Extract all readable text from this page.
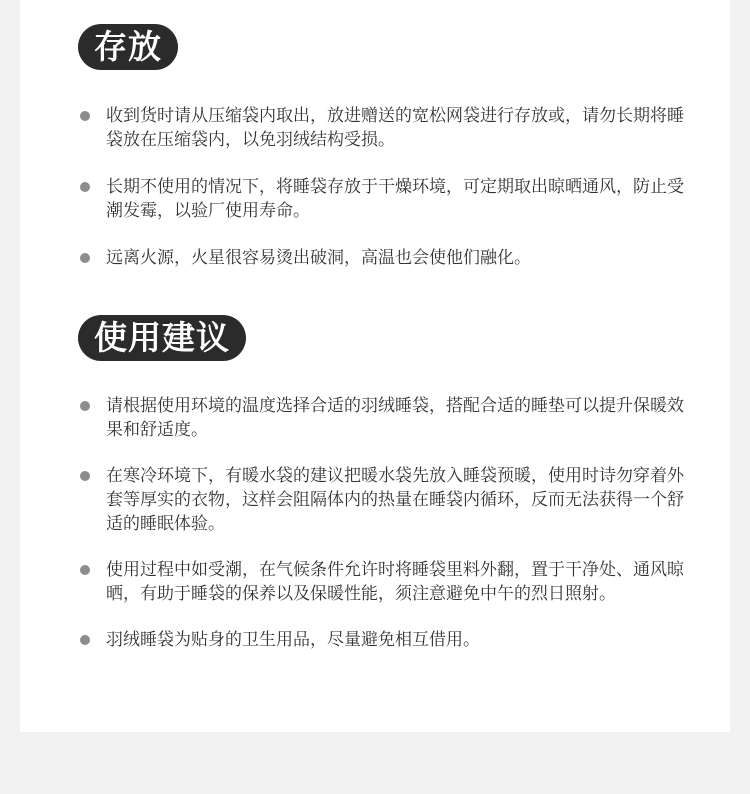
存放
收到货时请从压缩袋内取出，放进赠送的宽松网袋进行存放或，请勿长期将睡袋放在压缩袋内，以免羽绒结构受损。
长期不使用的情况下，将睡袋存放于干燥环境，可定期取出晾晒通风，防止受潮发霉，以验厂使用寿命。
远离火源，火星很容易烫出破洞，高温也会使他们融化。
使用建议
请根据使用环境的温度选择合适的羽绒睡袋，搭配合适的睡垫可以提升保暖效果和舒适度。
在寒冷环境下，有暖水袋的建议把暖水袋先放入睡袋预暖，使用时诗勿穿着外套等厚实的衣物，这样会阻隔体内的热量在睡袋内循环，反而无法获得一个舒适的睡眠体验。
使用过程中如受潮，在气候条件允许时将睡袋里料外翻，置于干净处、通风晾晒，有助于睡袋的保养以及保暖性能，须注意避免中午的烈日照射。
羽绒睡袋为贴身的卫生用品，尽量避免相互借用。
